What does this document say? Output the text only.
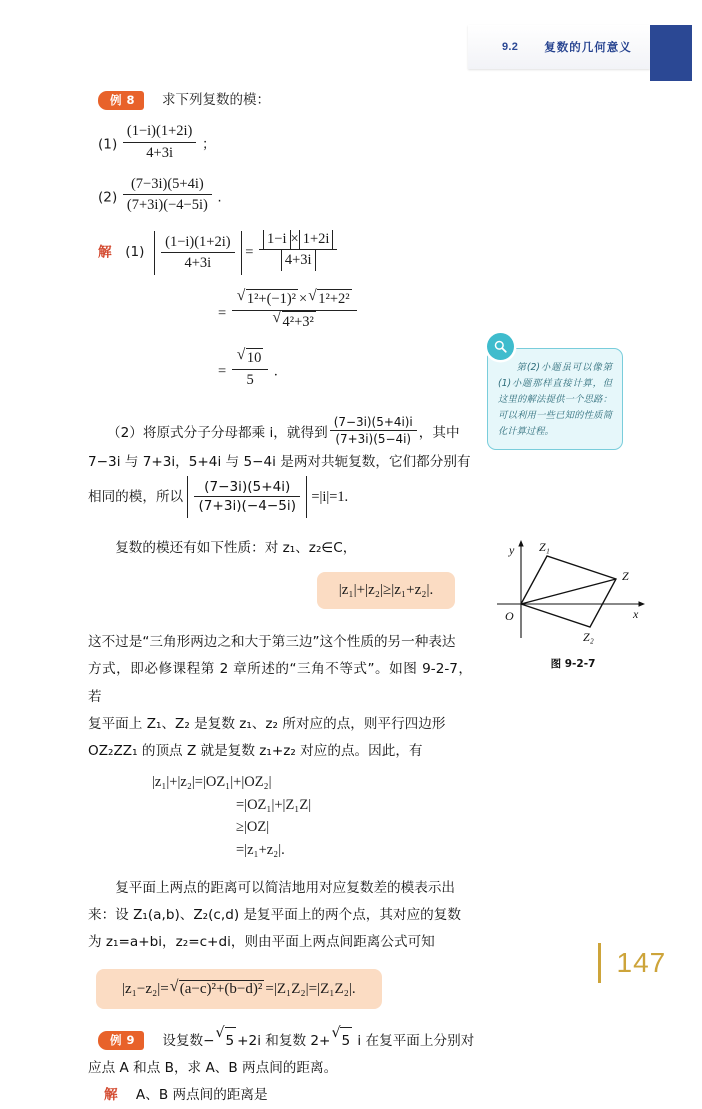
9.2 复数的几何意义
例 8 求下列复数的模：
$(1) \frac{(1-i)(1+2i)}{4+3i}$ ；
$(2) \frac{(7-3i)(5+4i)}{(7+3i)(-4-5i)}$ .
解 $(1) \frac{(1-i)(1+2i)}{4+3i} = \frac{1-i \times 1+2i}{4+3i}$
= √ 1²+(−1)² × √ 1²+2²
√ 4²+3²
= √ $\frac{10}{5}$ .
（2）将原式分子分母都乘 i，就得到 $\frac{(7-3i)(5+4i)i}{(7+3i)(5-4i)}$ ，其中
7−3i 与 7+3i，5+4i 与 5−4i 是两对共轭复数，它们都分别有
相同的模，所以 $\frac{(7-3i)(5+4i)}{(7+3i)(-4-5i)} =|i|=1$.
复数的模还有如下性质：对 z₁、z₂∈C，
|z₁|+|z₂|≥|z₁+z₂|.
这不过是“三角形两边之和大于第三边”这个性质的另一种表达
方式，即必修课程第 2 章所述的“三角不等式”。如图 9-2-7，若
复平面上 Z₁、Z₂ 是复数 z₁、z₂ 所对应的点，则平行四边形
OZ₂ZZ₁ 的顶点 Z 就是复数 z₁+z₂ 对应的点。因此，有
|z₁|+|z₂|=|OZ₁|+|OZ₂|
=|OZ₁|+|Z₁Z|
≥|OZ|
=|z₁+z₂|.
复平面上两点的距离可以简洁地用对应复数差的模表示出
来：设 Z₁(a,b)、Z₂(c,d) 是复平面上的两个点，其对应的复数
为 z₁=a+bi，z₂=c+di，则由平面上两点间距离公式可知
|z₁−z₂|= √ (a−c)²+(b−d)² =|Z₁Z₂|=|Z₁Z₂|.
例 9 设复数− √ 5 +2i 和复数 2+ √ 5 i 在复平面上分别对
应点 A 和点 B，求 A、B 两点间的距离。
解 A、B 两点间的距离是
第(2)小题虽可以像第(1)小题那样直接计算，但这里的解法提供一个思路：可以利用一些已知的性质简化计算过程。
O
y
x
Z₁
Z
Z₂
图 9-2-7
147
